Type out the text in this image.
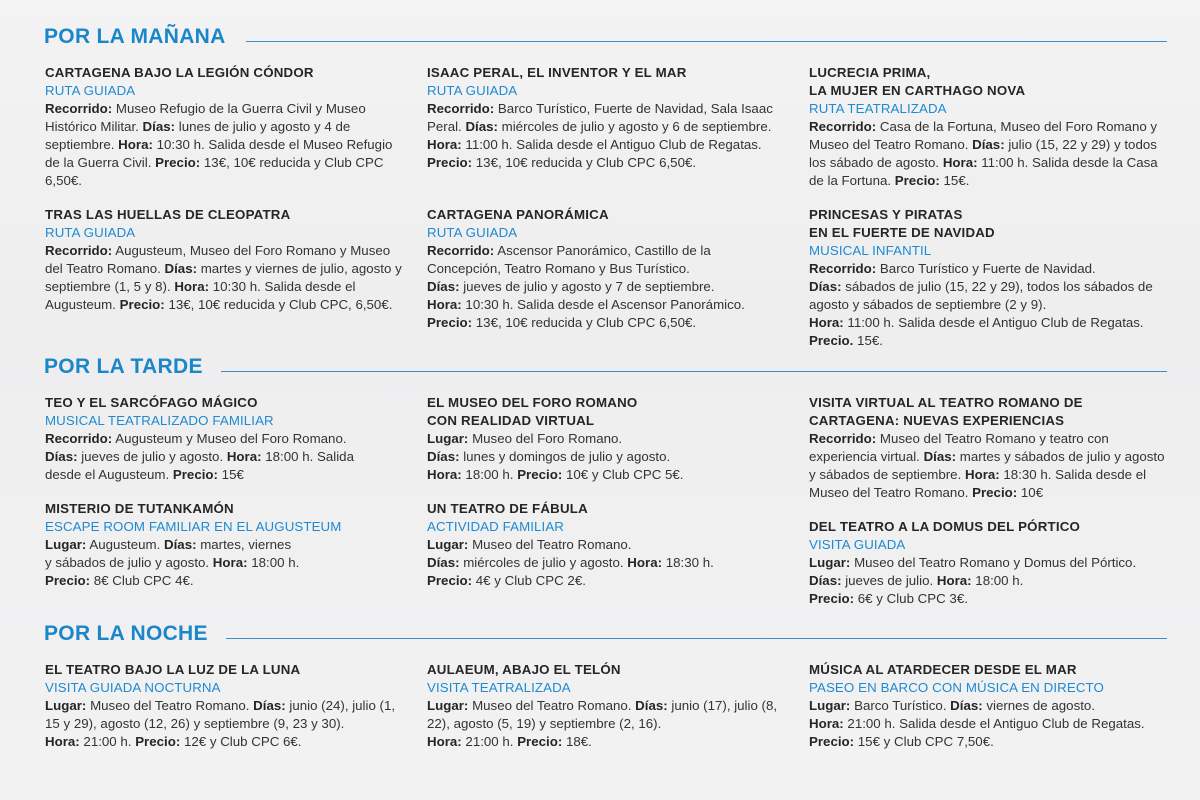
POR LA MAÑANA
CARTAGENA BAJO LA LEGIÓN CÓNDOR
RUTA GUIADA
Recorrido: Museo Refugio de la Guerra Civil y Museo Histórico Militar. Días: lunes de julio y agosto y 4 de septiembre. Hora: 10:30 h. Salida desde el Museo Refugio de la Guerra Civil. Precio: 13€, 10€ reducida y Club CPC 6,50€.
ISAAC PERAL, EL INVENTOR Y EL MAR
RUTA GUIADA
Recorrido: Barco Turístico, Fuerte de Navidad, Sala Isaac Peral. Días: miércoles de julio y agosto y 6 de septiembre. Hora: 11:00 h. Salida desde el Antiguo Club de Regatas. Precio: 13€, 10€ reducida y Club CPC 6,50€.
LUCRECIA PRIMA,
LA MUJER EN CARTHAGO NOVA
RUTA TEATRALIZADA
Recorrido: Casa de la Fortuna, Museo del Foro Romano y Museo del Teatro Romano. Días: julio (15, 22 y 29) y todos los sábado de agosto. Hora: 11:00 h. Salida desde la Casa de la Fortuna. Precio: 15€.
TRAS LAS HUELLAS DE CLEOPATRA
RUTA GUIADA
Recorrido: Augusteum, Museo del Foro Romano y Museo del Teatro Romano. Días: martes y viernes de julio, agosto y septiembre (1, 5 y 8). Hora: 10:30 h. Salida desde el Augusteum. Precio: 13€, 10€ reducida y Club CPC, 6,50€.
CARTAGENA PANORÁMICA
RUTA GUIADA
Recorrido: Ascensor Panorámico, Castillo de la Concepción, Teatro Romano y Bus Turístico.
Días: jueves de julio y agosto y 7 de septiembre.
Hora: 10:30 h. Salida desde el Ascensor Panorámico.
Precio: 13€, 10€ reducida y Club CPC 6,50€.
PRINCESAS Y PIRATAS
EN EL FUERTE DE NAVIDAD
MUSICAL INFANTIL
Recorrido: Barco Turístico y Fuerte de Navidad.
Días: sábados de julio (15, 22 y 29), todos los sábados de agosto y sábados de septiembre (2 y 9).
Hora: 11:00 h. Salida desde el Antiguo Club de Regatas. Precio. 15€.
POR LA TARDE
TEO Y EL SARCÓFAGO MÁGICO
MUSICAL TEATRALIZADO FAMILIAR
Recorrido: Augusteum y Museo del Foro Romano.
Días: jueves de julio y agosto. Hora: 18:00 h. Salida desde el Augusteum. Precio: 15€
EL MUSEO DEL FORO ROMANO
CON REALIDAD VIRTUAL
Lugar: Museo del Foro Romano.
Días: lunes y domingos de julio y agosto.
Hora: 18:00 h. Precio: 10€ y Club CPC 5€.
VISITA VIRTUAL AL TEATRO ROMANO DE
CARTAGENA: NUEVAS EXPERIENCIAS
Recorrido: Museo del Teatro Romano y teatro con experiencia virtual. Días: martes y sábados de julio y agosto y sábados de septiembre. Hora: 18:30 h. Salida desde el Museo del Teatro Romano. Precio: 10€
MISTERIO DE TUTANKAMÓN
ESCAPE ROOM FAMILIAR EN EL AUGUSTEUM
Lugar: Augusteum. Días: martes, viernes
y sábados de julio y agosto. Hora: 18:00 h.
Precio: 8€ Club CPC 4€.
UN TEATRO DE FÁBULA
ACTIVIDAD FAMILIAR
Lugar: Museo del Teatro Romano.
Días: miércoles de julio y agosto. Hora: 18:30 h.
Precio: 4€ y Club CPC 2€.
DEL TEATRO A LA DOMUS DEL PÓRTICO
VISITA GUIADA
Lugar: Museo del Teatro Romano y Domus del Pórtico.
Días: jueves de julio. Hora: 18:00 h.
Precio: 6€ y Club CPC 3€.
POR LA NOCHE
EL TEATRO BAJO LA LUZ DE LA LUNA
VISITA GUIADA NOCTURNA
Lugar: Museo del Teatro Romano. Días: junio (24), julio (1, 15 y 29), agosto (12, 26) y septiembre (9, 23 y 30).
Hora: 21:00 h. Precio: 12€ y Club CPC 6€.
AULAEUM, ABAJO EL TELÓN
VISITA TEATRALIZADA
Lugar: Museo del Teatro Romano. Días: junio (17), julio (8, 22), agosto (5, 19) y septiembre (2, 16).
Hora: 21:00 h. Precio: 18€.
MÚSICA AL ATARDECER DESDE EL MAR
PASEO EN BARCO CON MÚSICA EN DIRECTO
Lugar: Barco Turístico. Días: viernes de agosto.
Hora: 21:00 h. Salida desde el Antiguo Club de Regatas. Precio: 15€ y Club CPC 7,50€.
